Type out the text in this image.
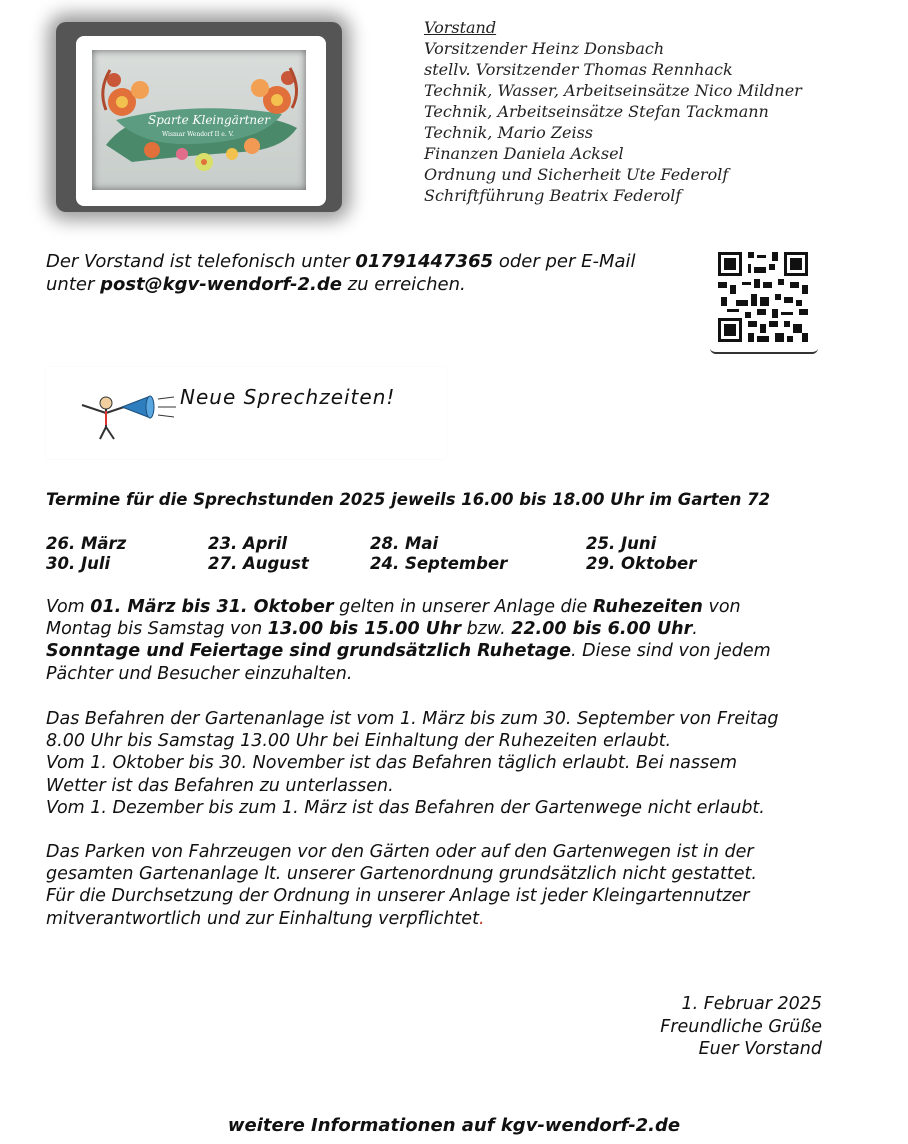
Sparte Kleingärtner
Wismar Wendorf II e. V.
Vorstand
Vorsitzender Heinz Donsbach
stellv. Vorsitzender Thomas Rennhack
Technik, Wasser, Arbeitseinsätze Nico Mildner
Technik, Arbeitseinsätze Stefan Tackmann
Technik, Mario Zeiss
Finanzen Daniela Acksel
Ordnung und Sicherheit Ute Federolf
Schriftführung Beatrix Federolf
Der Vorstand ist telefonisch unter 01791447365 oder per E-Mail
unter post@kgv-wendorf-2.de zu erreichen.
Neue Sprechzeiten!
Termine für die Sprechstunden 2025 jeweils 16.00 bis 18.00 Uhr im Garten 72
26. März	23. April	28. Mai	25. Juni
30. Juli	27. August	24. September	29. Oktober
Vom 01. März bis 31. Oktober gelten in unserer Anlage die Ruhezeiten von
Montag bis Samstag von 13.00 bis 15.00 Uhr bzw. 22.00 bis 6.00 Uhr.
Sonntage und Feiertage sind grundsätzlich Ruhetage. Diese sind von jedem
Pächter und Besucher einzuhalten.
Das Befahren der Gartenanlage ist vom 1. März bis zum 30. September von Freitag
8.00 Uhr bis Samstag 13.00 Uhr bei Einhaltung der Ruhezeiten erlaubt.
Vom 1. Oktober bis 30. November ist das Befahren täglich erlaubt. Bei nassem
Wetter ist das Befahren zu unterlassen.
Vom 1. Dezember bis zum 1. März ist das Befahren der Gartenwege nicht erlaubt.
Das Parken von Fahrzeugen vor den Gärten oder auf den Gartenwegen ist in der
gesamten Gartenanlage lt. unserer Gartenordnung grundsätzlich nicht gestattet.
Für die Durchsetzung der Ordnung in unserer Anlage ist jeder Kleingartennutzer
mitverantwortlich und zur Einhaltung verpflichtet.
1. Februar 2025
Freundliche Grüße
Euer Vorstand
weitere Informationen auf kgv-wendorf-2.de
